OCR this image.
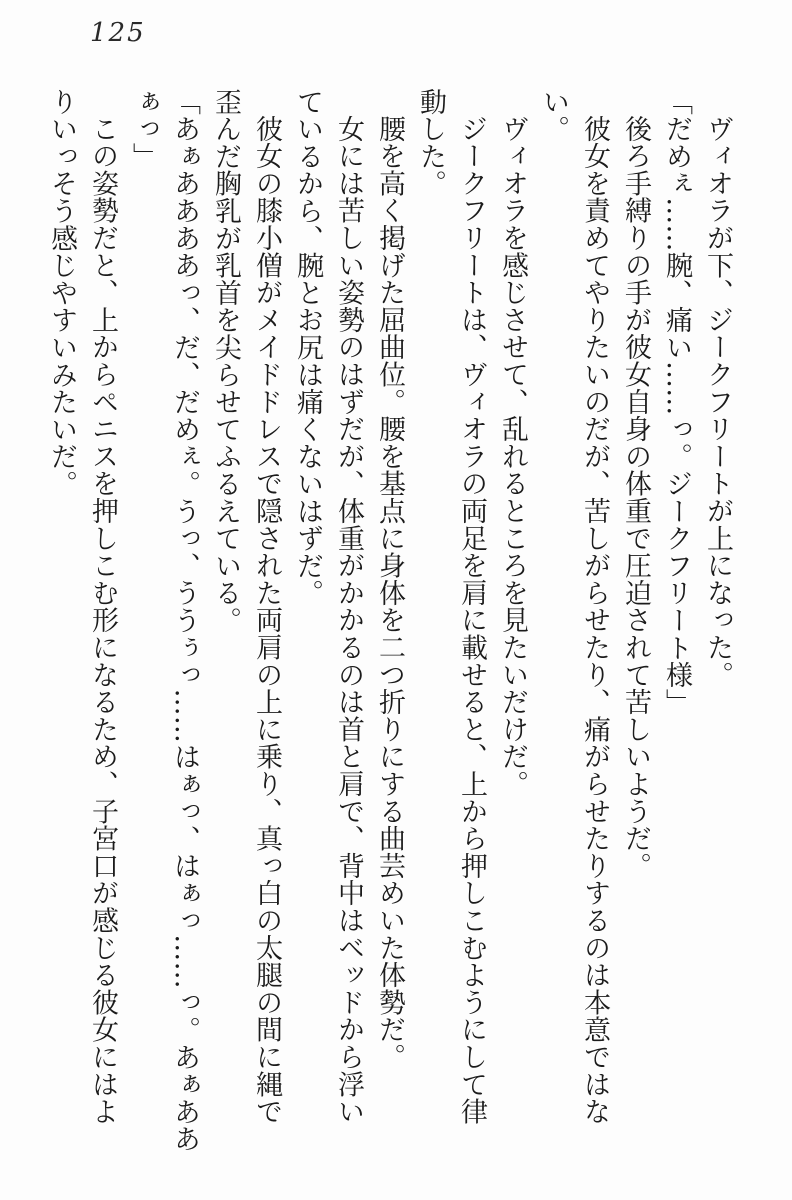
125

ヴィオラが下、ジークフリートが上になった。

「だめぇ……腕、痛い……っ。ジークフリート様」

後ろ手縛りの手が彼女自身の体重で圧迫されて苦しいようだ。

彼女を責めてやりたいのだが、苦しがらせたり、痛がらせたりするのは本意ではな

い。

ヴィオラを感じさせて、乱れるところを見たいだけだ。

ジークフリートは、ヴィオラの両足を肩に載せると、上から押しこむようにして律

動した。

腰を高く掲げた屈曲位。腰を基点に身体を二つ折りにする曲芸めいた体勢だ。

女には苦しい姿勢のはずだが、体重がかかるのは首と肩で、背中はベッドから浮い

ているから、腕とお尻は痛くないはずだ。

彼女の膝小僧がメイドドレスで隠された両肩の上に乗り、真っ白の太腿の間に縄で

歪んだ胸乳が乳首を尖らせてふるえている。

「あぁああああっ、だ、だめぇ。うっ、ううぅっ……はぁっ、はぁっ……っ。あぁああ

ぁっ」

この姿勢だと、上からペニスを押しこむ形になるため、子宮口が感じる彼女にはよ

りいっそう感じやすいみたいだ。
